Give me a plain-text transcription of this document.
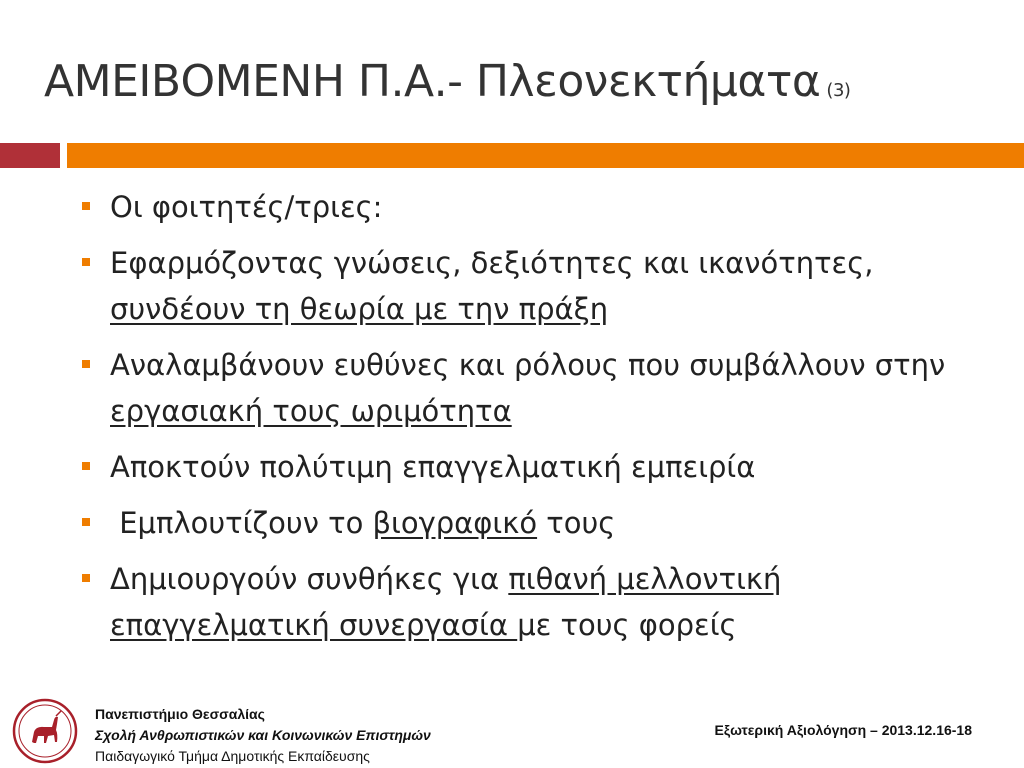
ΑΜΕΙΒΟΜΕΝΗ Π.Α.- Πλεονεκτήματα (3)
Οι φοιτητές/τριες:
Εφαρμόζοντας γνώσεις, δεξιότητες και ικανότητες, συνδέουν τη θεωρία με την πράξη
Αναλαμβάνουν ευθύνες και ρόλους που συμβάλλουν στην εργασιακή τους ωριμότητα
Αποκτούν πολύτιμη επαγγελματική εμπειρία
Εμπλουτίζουν το βιογραφικό τους
Δημιουργούν συνθήκες για πιθανή μελλοντική επαγγελματική συνεργασία με τους φορείς
Πανεπιστήμιο Θεσσαλίας
Σχολή Ανθρωπιστικών και Κοινωνικών Επιστημών
Παιδαγωγικό Τμήμα Δημοτικής Εκπαίδευσης
Εξωτερική Αξιολόγηση – 2013.12.16-18
